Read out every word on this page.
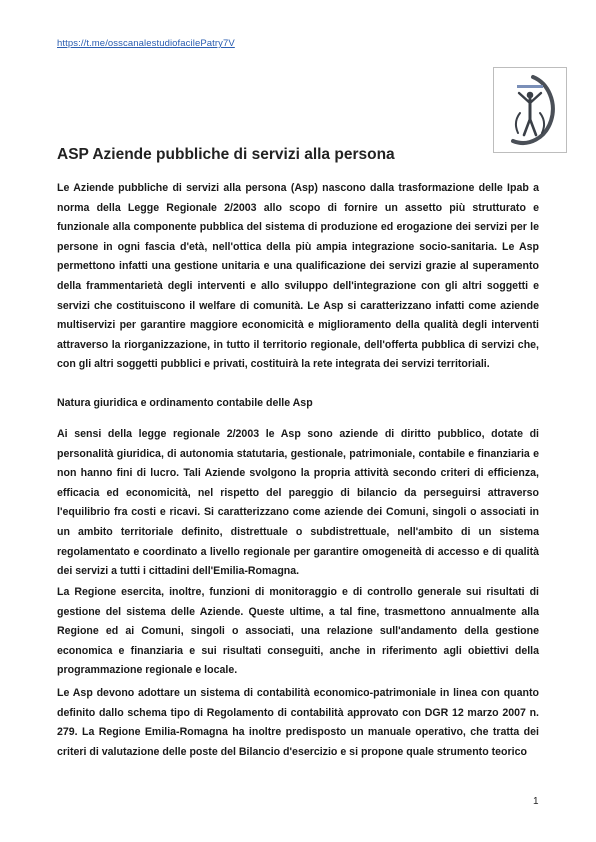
https://t.me/osscanalestudiofacilePatry7V
ASP Aziende pubbliche di servizi alla persona

Le Aziende pubbliche di servizi alla persona (Asp) nascono dalla trasformazione delle Ipab a norma della Legge Regionale 2/2003 allo scopo di fornire un assetto più strutturato e funzionale alla componente pubblica del sistema di produzione ed erogazione dei servizi per le persone in ogni fascia d'età, nell'ottica della più ampia integrazione socio-sanitaria. Le Asp permettono infatti una gestione unitaria e una qualificazione dei servizi grazie al superamento della frammentarietà degli interventi e allo sviluppo dell'integrazione con gli altri soggetti e servizi che costituiscono il welfare di comunità. Le Asp si caratterizzano infatti come aziende multiservizi per garantire maggiore economicità e miglioramento della qualità degli interventi attraverso la riorganizzazione, in tutto il territorio regionale, dell'offerta pubblica di servizi che, con gli altri soggetti pubblici e privati, costituirà la rete integrata dei servizi territoriali.

Natura giuridica e ordinamento contabile delle Asp

Ai sensi della legge regionale 2/2003 le Asp sono aziende di diritto pubblico, dotate di personalità giuridica, di autonomia statutaria, gestionale, patrimoniale, contabile e finanziaria e non hanno fini di lucro. Tali Aziende svolgono la propria attività secondo criteri di efficienza, efficacia ed economicità, nel rispetto del pareggio di bilancio da perseguirsi attraverso l'equilibrio fra costi e ricavi. Si caratterizzano come aziende dei Comuni, singoli o associati in un ambito territoriale definito, distrettuale o subdistrettuale, nell'ambito di un sistema regolamentato e coordinato a livello regionale per garantire omogeneità di accesso e di qualità dei servizi a tutti i cittadini dell'Emilia-Romagna.

La Regione esercita, inoltre, funzioni di monitoraggio e di controllo generale sui risultati di gestione del sistema delle Aziende. Queste ultime, a tal fine, trasmettono annualmente alla Regione ed ai Comuni, singoli o associati, una relazione sull'andamento della gestione economica e finanziaria e sui risultati conseguiti, anche in riferimento agli obiettivi della programmazione regionale e locale.

Le Asp devono adottare un sistema di contabilità economico-patrimoniale in linea con quanto definito dallo schema tipo di Regolamento di contabilità approvato con DGR 12 marzo 2007 n. 279. La Regione Emilia-Romagna ha inoltre predisposto un manuale operativo, che tratta dei criteri di valutazione delle poste del Bilancio d'esercizio e si propone quale strumento teorico

1
